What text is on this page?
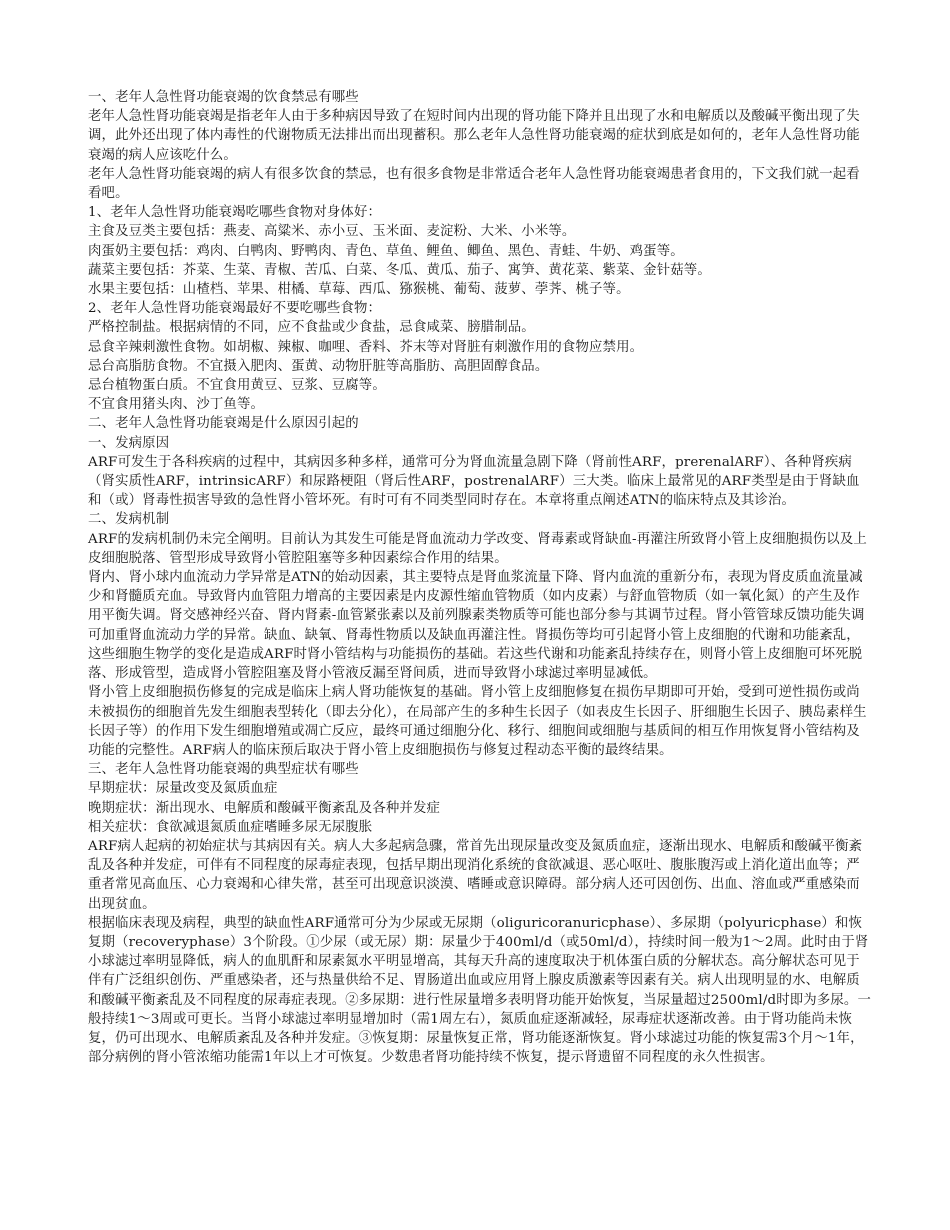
一、老年人急性肾功能衰竭的饮食禁忌有哪些

老年人急性肾功能衰竭是指老年人由于多种病因导致了在短时间内出现的肾功能下降并且出现了水和电解质以及酸碱平衡出现了失调，此外还出现了体内毒性的代谢物质无法排出而出现蓄积。那么老年人急性肾功能衰竭的症状到底是如何的，老年人急性肾功能衰竭的病人应该吃什么。

老年人急性肾功能衰竭的病人有很多饮食的禁忌，也有很多食物是非常适合老年人急性肾功能衰竭患者食用的，下文我们就一起看看吧。

1、老年人急性肾功能衰竭吃哪些食物对身体好：

主食及豆类主要包括：燕麦、高粱米、赤小豆、玉米面、麦淀粉、大米、小米等。

肉蛋奶主要包括：鸡肉、白鸭肉、野鸭肉、青色、草鱼、鲤鱼、鲫鱼、黑色、青蛙、牛奶、鸡蛋等。

蔬菜主要包括：芥菜、生菜、青椒、苦瓜、白菜、冬瓜、黄瓜、茄子、寓笋、黄花菜、紫菜、金针菇等。

水果主要包括：山楂档、苹果、柑橘、草莓、西瓜、猕猴桃、葡萄、菠萝、荸荠、桃子等。

2、老年人急性肾功能衰竭最好不要吃哪些食物：

严格控制盐。根据病情的不同，应不食盐或少食盐，忌食咸菜、膀腊制品。

忌食辛辣刺激性食物。如胡椒、辣椒、咖哩、香料、芥末等对肾脏有刺激作用的食物应禁用。

忌台高脂肪食物。不宜摄入肥肉、蛋黄、动物肝脏等高脂肪、高胆固醇食品。

忌台植物蛋白质。不宜食用黄豆、豆浆、豆腐等。

不宜食用猪头肉、沙丁鱼等。

二、老年人急性肾功能衰竭是什么原因引起的

一、发病原因

ARF可发生于各科疾病的过程中，其病因多种多样，通常可分为肾血流量急剧下降（肾前性ARF，prerenalARF）、各种肾疾病（肾实质性ARF，intrinsicARF）和尿路梗阻（肾后性ARF，postrenalARF）三大类。临床上最常见的ARF类型是由于肾缺血和（或）肾毒性损害导致的急性肾小管坏死。有时可有不同类型同时存在。本章将重点阐述ATN的临床特点及其诊治。

二、发病机制

ARF的发病机制仍未完全阐明。目前认为其发生可能是肾血流动力学改变、肾毒素或肾缺血-再灌注所致肾小管上皮细胞损伤以及上皮细胞脱落、管型形成导致肾小管腔阻塞等多种因素综合作用的结果。

肾内、肾小球内血流动力学异常是ATN的始动因素，其主要特点是肾血浆流量下降、肾内血流的重新分布，表现为肾皮质血流量减少和肾髓质充血。导致肾内血管阻力增高的主要因素是内皮源性缩血管物质（如内皮素）与舒血管物质（如一氧化氮）的产生及作用平衡失调。肾交感神经兴奋、肾内肾素-血管紧张素以及前列腺素类物质等可能也部分参与其调节过程。肾小管管球反馈功能失调可加重肾血流动力学的异常。缺血、缺氧、肾毒性物质以及缺血再灌注性。肾损伤等均可引起肾小管上皮细胞的代谢和功能紊乱，这些细胞生物学的变化是造成ARF时肾小管结构与功能损伤的基础。若这些代谢和功能紊乱持续存在，则肾小管上皮细胞可坏死脱落、形成管型，造成肾小管腔阻塞及肾小管液反漏至肾间质，进而导致肾小球滤过率明显减低。

肾小管上皮细胞损伤修复的完成是临床上病人肾功能恢复的基础。肾小管上皮细胞修复在损伤早期即可开始，受到可逆性损伤或尚未被损伤的细胞首先发生细胞表型转化（即去分化），在局部产生的多种生长因子（如表皮生长因子、肝细胞生长因子、胰岛素样生长因子等）的作用下发生细胞增殖或凋亡反应，最终可通过细胞分化、移行、细胞间或细胞与基质间的相互作用恢复肾小管结构及功能的完整性。ARF病人的临床预后取决于肾小管上皮细胞损伤与修复过程动态平衡的最终结果。

三、老年人急性肾功能衰竭的典型症状有哪些

早期症状：尿量改变及氮质血症

晚期症状：渐出现水、电解质和酸碱平衡紊乱及各种并发症

相关症状：食欲减退氮质血症嗜睡多尿无尿腹胀

ARF病人起病的初始症状与其病因有关。病人大多起病急骤，常首先出现尿量改变及氮质血症，逐渐出现水、电解质和酸碱平衡紊乱及各种并发症，可伴有不同程度的尿毒症表现，包括早期出现消化系统的食欲减退、恶心呕吐、腹胀腹泻或上消化道出血等；严重者常见高血压、心力衰竭和心律失常，甚至可出现意识淡漠、嗜睡或意识障碍。部分病人还可因创伤、出血、溶血或严重感染而出现贫血。

根据临床表现及病程，典型的缺血性ARF通常可分为少尿或无尿期（oliguricoranuricphase）、多尿期（polyuricphase）和恢复期（recoveryphase）3个阶段。①少尿（或无尿）期：尿量少于400ml/d（或50ml/d），持续时间一般为1～2周。此时由于肾小球滤过率明显降低，病人的血肌酐和尿素氮水平明显增高，其每天升高的速度取决于机体蛋白质的分解状态。高分解状态可见于伴有广泛组织创伤、严重感染者，还与热量供给不足、胃肠道出血或应用肾上腺皮质激素等因素有关。病人出现明显的水、电解质和酸碱平衡紊乱及不同程度的尿毒症表现。②多尿期：进行性尿量增多表明肾功能开始恢复，当尿量超过2500ml/d时即为多尿。一般持续1～3周或可更长。当肾小球滤过率明显增加时（需1周左右），氮质血症逐渐减轻，尿毒症状逐渐改善。由于肾功能尚未恢复，仍可出现水、电解质紊乱及各种并发症。③恢复期：尿量恢复正常，肾功能逐渐恢复。肾小球滤过功能的恢复需3个月～1年，部分病例的肾小管浓缩功能需1年以上才可恢复。少数患者肾功能持续不恢复，提示肾遗留不同程度的永久性损害。
